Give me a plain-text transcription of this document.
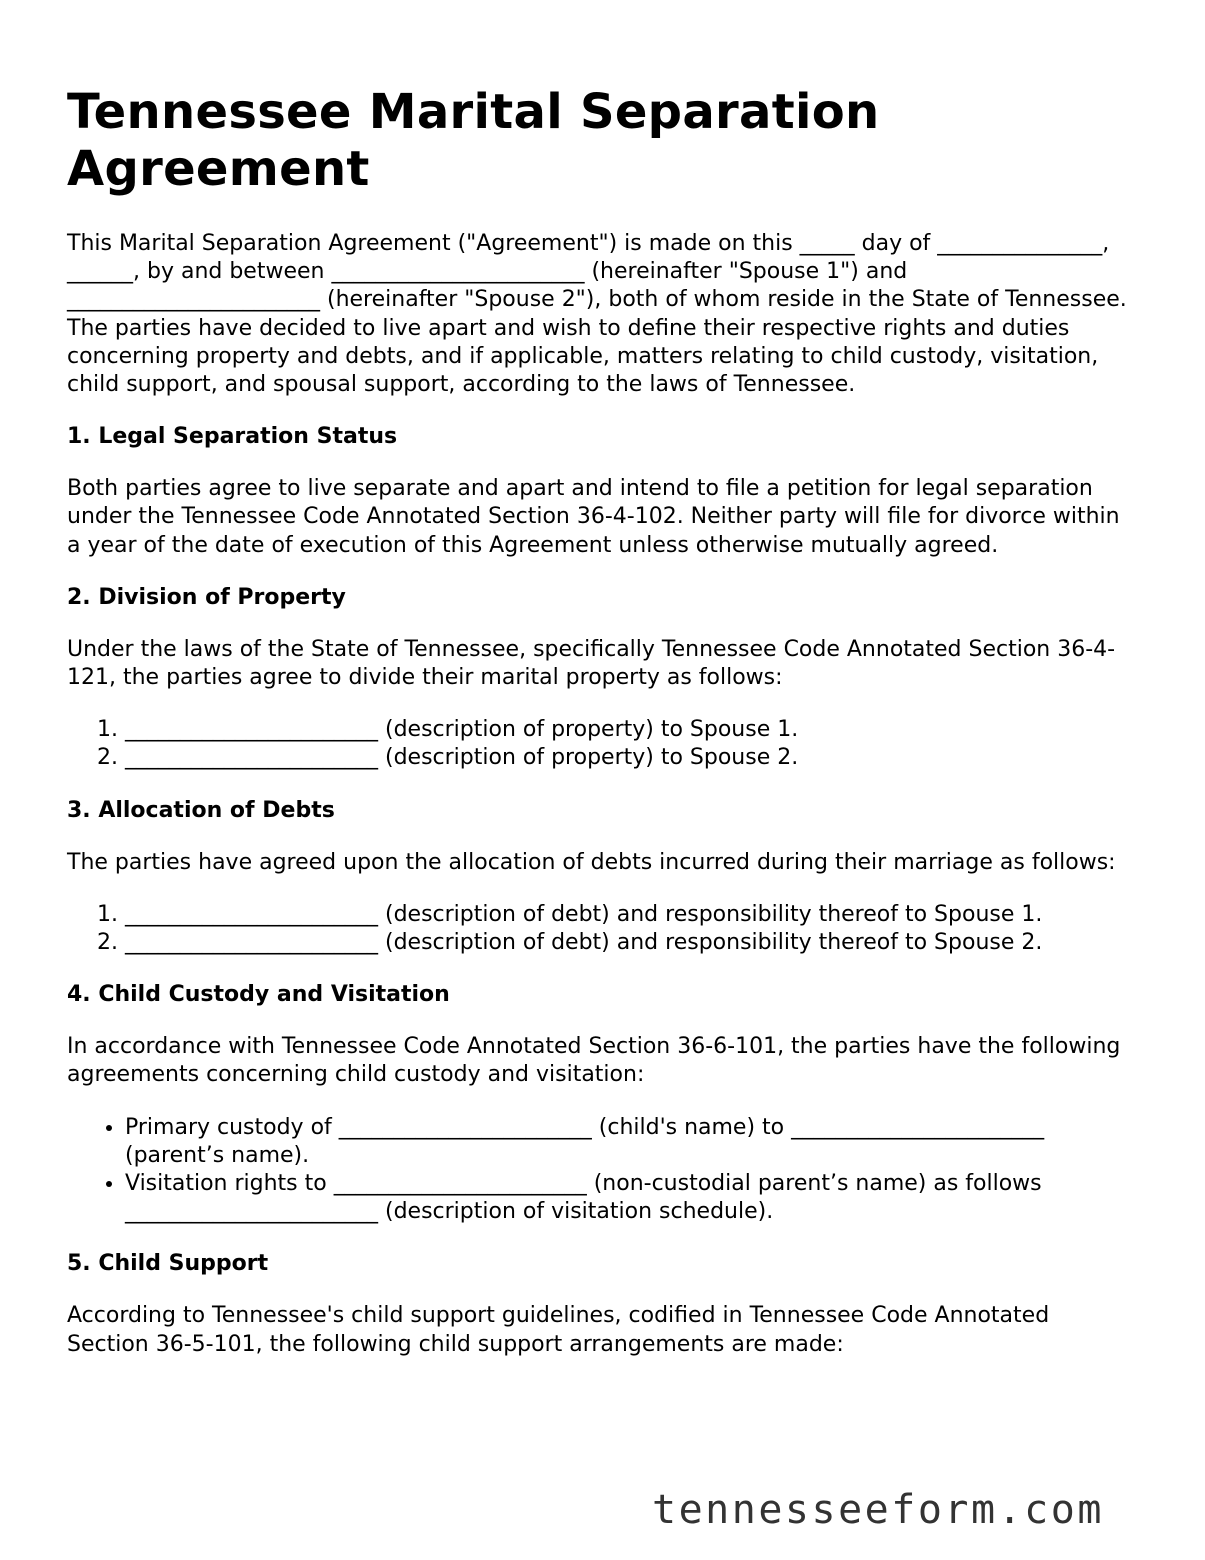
Tennessee Marital Separation Agreement

This Marital Separation Agreement ("Agreement") is made on this _____ day of _______________, ______, by and between _______________________ (hereinafter "Spouse 1") and _______________________ (hereinafter "Spouse 2"), both of whom reside in the State of Tennessee. The parties have decided to live apart and wish to define their respective rights and duties concerning property and debts, and if applicable, matters relating to child custody, visitation, child support, and spousal support, according to the laws of Tennessee.

1. Legal Separation Status

Both parties agree to live separate and apart and intend to file a petition for legal separation under the Tennessee Code Annotated Section 36-4-102. Neither party will file for divorce within a year of the date of execution of this Agreement unless otherwise mutually agreed.

2. Division of Property

Under the laws of the State of Tennessee, specifically Tennessee Code Annotated Section 36-4-121, the parties agree to divide their marital property as follows:

1. _______________________ (description of property) to Spouse 1.
2. _______________________ (description of property) to Spouse 2.
3. Allocation of Debts

The parties have agreed upon the allocation of debts incurred during their marriage as follows:

1. _______________________ (description of debt) and responsibility thereof to Spouse 1.
2. _______________________ (description of debt) and responsibility thereof to Spouse 2.
4. Child Custody and Visitation

In accordance with Tennessee Code Annotated Section 36-6-101, the parties have the following agreements concerning child custody and visitation:

• Primary custody of _______________________ (child's name) to _______________________ (parent’s name).
• Visitation rights to _______________________ (non-custodial parent’s name) as follows _______________________ (description of visitation schedule).
5. Child Support

According to Tennessee's child support guidelines, codified in Tennessee Code Annotated Section 36-5-101, the following child support arrangements are made:

tennesseeform.com
